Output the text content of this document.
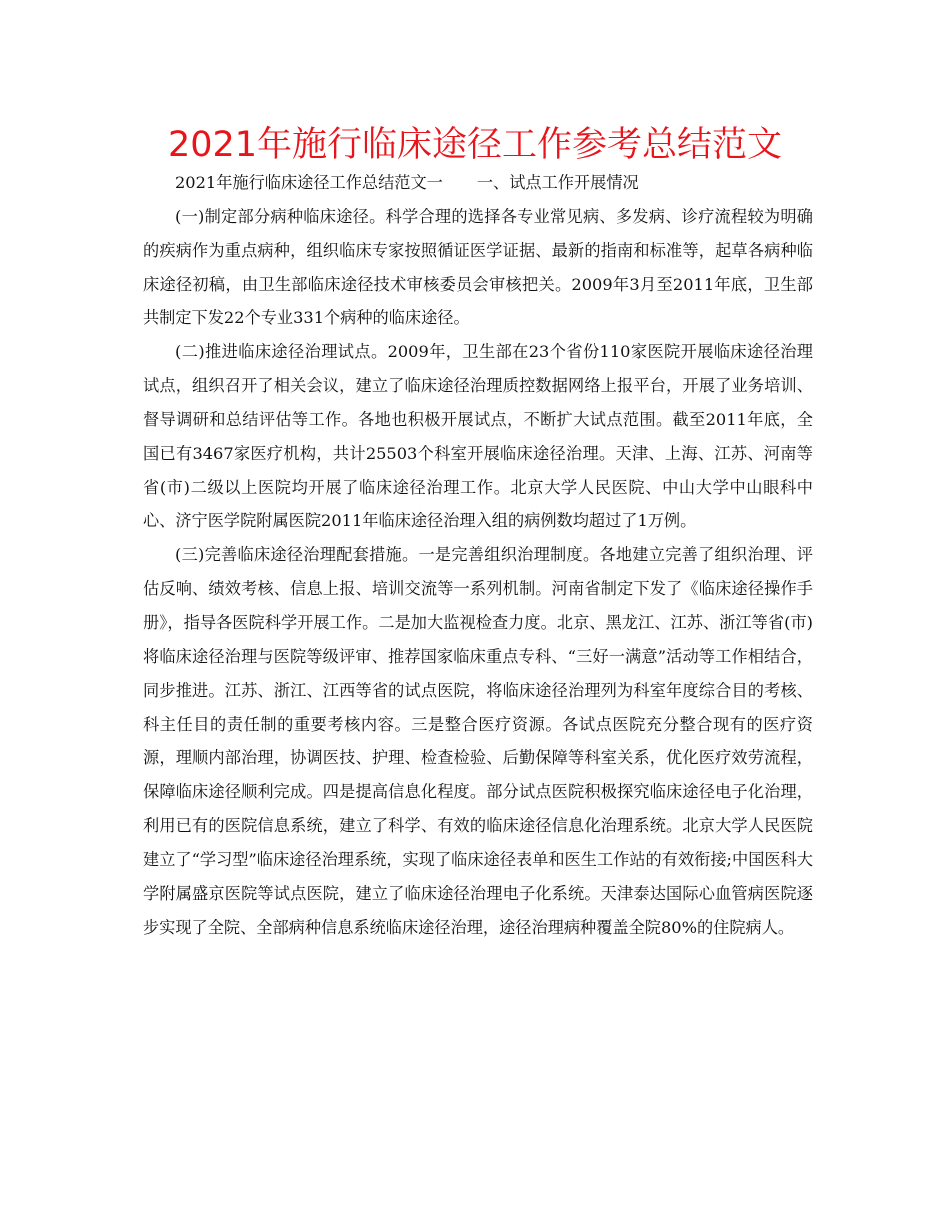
2021年施行临床途径工作参考总结范文

2021年施行临床途径工作总结范文一 一、试点工作开展情况

(一)制定部分病种临床途径。科学合理的选择各专业常见病、多发病、诊疗流程较为明确的疾病作为重点病种，组织临床专家按照循证医学证据、最新的指南和标准等，起草各病种临床途径初稿，由卫生部临床途径技术审核委员会审核把关。2009年3月至2011年底，卫生部共制定下发22个专业331个病种的临床途径。

(二)推进临床途径治理试点。2009年，卫生部在23个省份110家医院开展临床途径治理试点，组织召开了相关会议，建立了临床途径治理质控数据网络上报平台，开展了业务培训、督导调研和总结评估等工作。各地也积极开展试点，不断扩大试点范围。截至2011年底，全国已有3467家医疗机构，共计25503个科室开展临床途径治理。天津、上海、江苏、河南等省(市)二级以上医院均开展了临床途径治理工作。北京大学人民医院、中山大学中山眼科中心、济宁医学院附属医院2011年临床途径治理入组的病例数均超过了1万例。

(三)完善临床途径治理配套措施。一是完善组织治理制度。各地建立完善了组织治理、评估反响、绩效考核、信息上报、培训交流等一系列机制。河南省制定下发了《临床途径操作手册》，指导各医院科学开展工作。二是加大监视检查力度。北京、黑龙江、江苏、浙江等省(市)将临床途径治理与医院等级评审、推荐国家临床重点专科、“三好一满意”活动等工作相结合，同步推进。江苏、浙江、江西等省的试点医院，将临床途径治理列为科室年度综合目的考核、科主任目的责任制的重要考核内容。三是整合医疗资源。各试点医院充分整合现有的医疗资源，理顺内部治理，协调医技、护理、检查检验、后勤保障等科室关系，优化医疗效劳流程，保障临床途径顺利完成。四是提高信息化程度。部分试点医院积极探究临床途径电子化治理，利用已有的医院信息系统，建立了科学、有效的临床途径信息化治理系统。北京大学人民医院建立了“学习型”临床途径治理系统，实现了临床途径表单和医生工作站的有效衔接;中国医科大学附属盛京医院等试点医院，建立了临床途径治理电子化系统。天津泰达国际心血管病医院逐步实现了全院、全部病种信息系统临床途径治理，途径治理病种覆盖全院80%的住院病人。
